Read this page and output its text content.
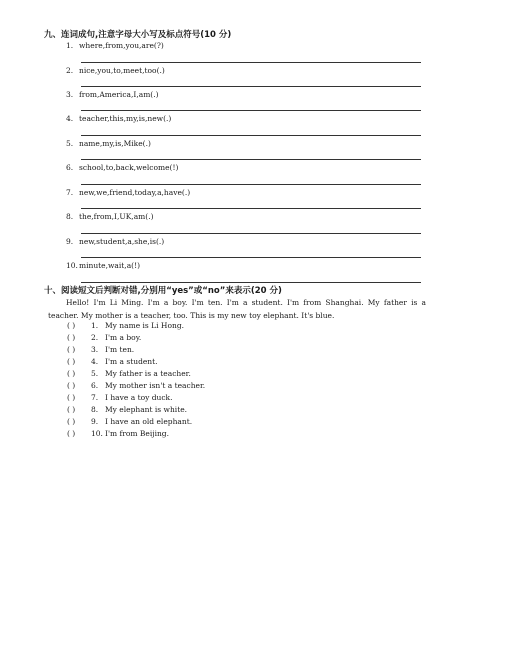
九、连词成句,注意字母大小写及标点符号(10 分)
1. where,from,you,are(?)
2. nice,you,to,meet,too(.)
3. from,America,I,am(.)
4. teacher,this,my,is,new(.)
5. name,my,is,Mike(.)
6. school,to,back,welcome(!)
7. new,we,friend,today,a,have(.)
8. the,from,I,UK,am(.)
9. new,student,a,she,is(.)
10.minute,wait,a(!)
十、阅读短文后判断对错,分别用“yes”或“no”来表示(20 分)
Hello! I'm Li Ming. I'm a boy. I'm ten. I'm a student. I'm from Shanghai. My father is a teacher. My mother is a teacher, too. This is my new toy elephant. It's blue.
( ) 1. My name is Li Hong.
( ) 2. I'm a boy.
( ) 3. I'm ten.
( ) 4. I'm a student.
( ) 5. My father is a teacher.
( ) 6. My mother isn't a teacher.
( ) 7. I have a toy duck.
( ) 8. My elephant is white.
( ) 9. I have an old elephant.
( ) 10. I'm from Beijing.
